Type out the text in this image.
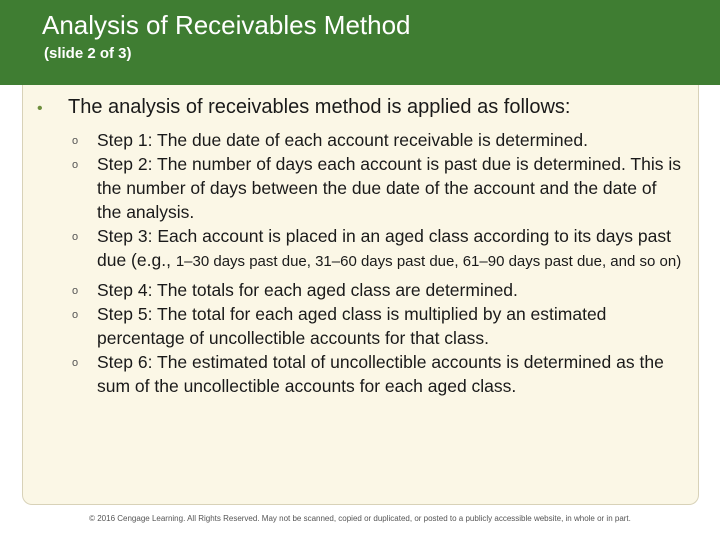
Analysis of Receivables Method
(slide 2 of 3)
• The analysis of receivables method is applied as follows:
o Step 1: The due date of each account receivable is determined.
o Step 2: The number of days each account is past due is determined. This is the number of days between the due date of the account and the date of the analysis.
o Step 3: Each account is placed in an aged class according to its days past due (e.g., 1–30 days past due, 31–60 days past due, 61–90 days past due, and so on)
o Step 4: The totals for each aged class are determined.
o Step 5: The total for each aged class is multiplied by an estimated percentage of uncollectible accounts for that class.
o Step 6: The estimated total of uncollectible accounts is determined as the sum of the uncollectible accounts for each aged class.
© 2016 Cengage Learning. All Rights Reserved. May not be scanned, copied or duplicated, or posted to a publicly accessible website, in whole or in part.
